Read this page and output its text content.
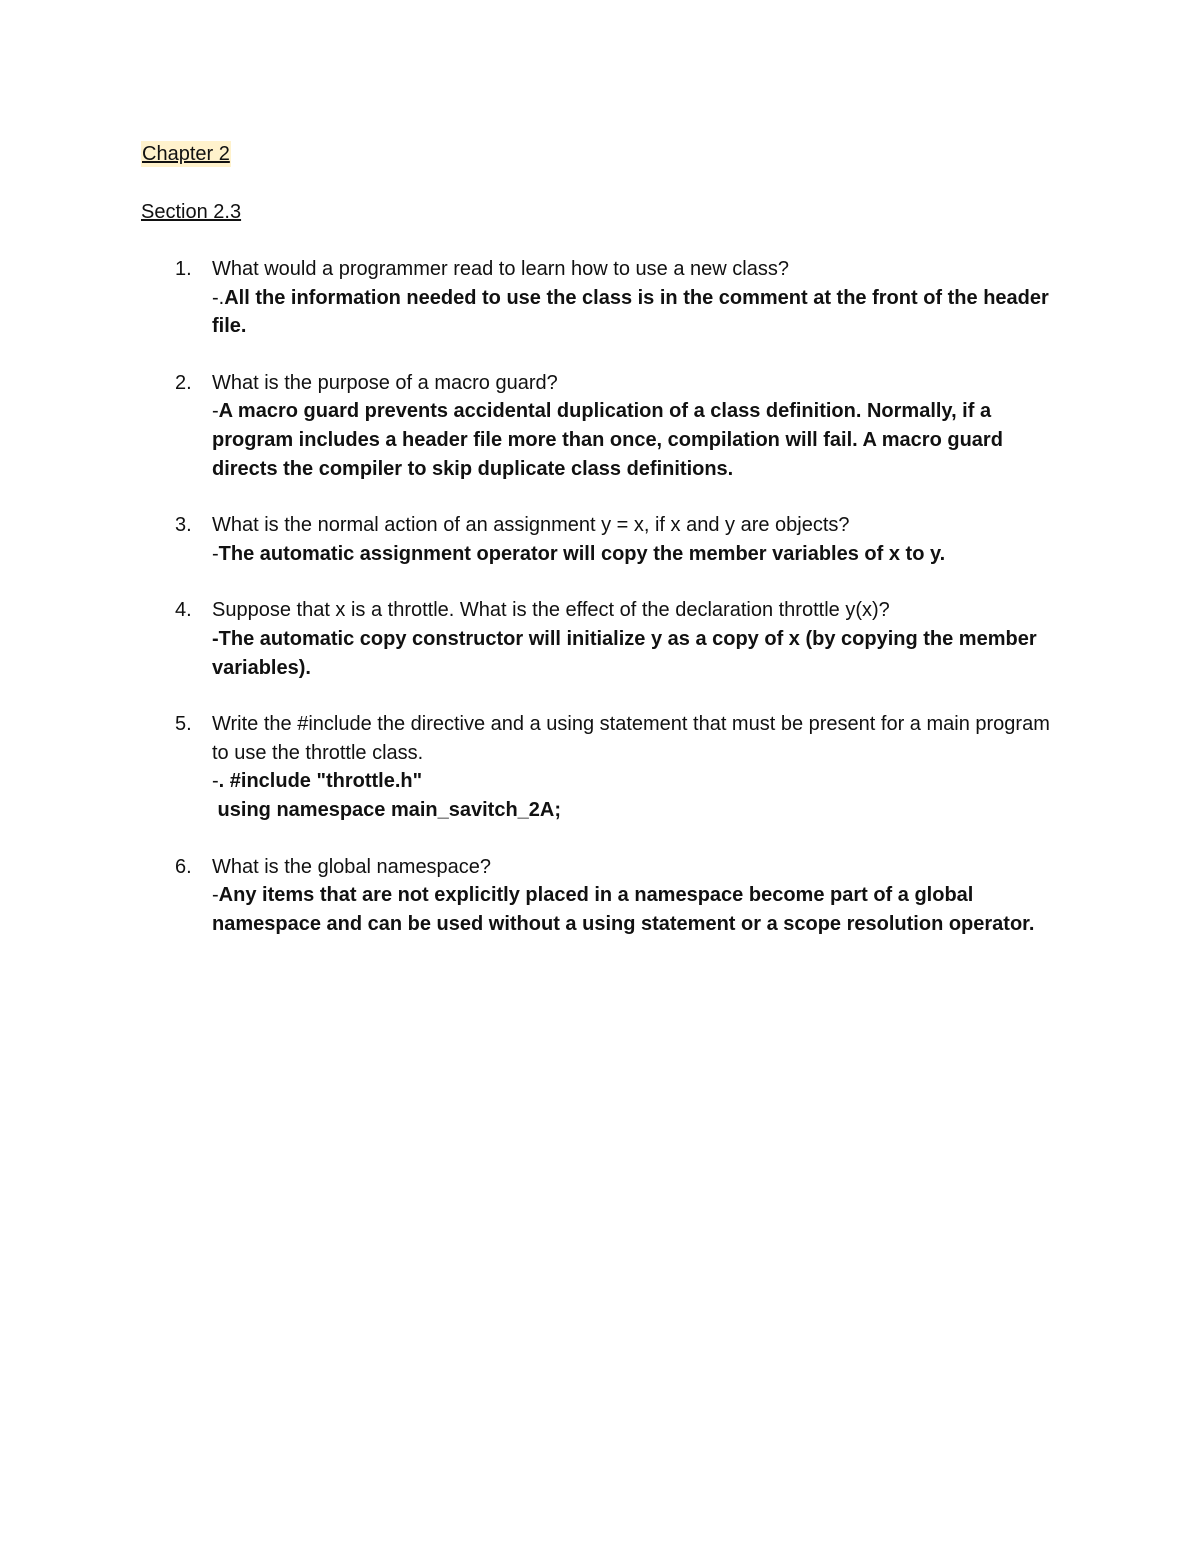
Chapter 2
Section 2.3
1. What would a programmer read to learn how to use a new class?
-.All the information needed to use the class is in the comment at the front of the header file.
2. What is the purpose of a macro guard?
-A macro guard prevents accidental duplication of a class definition. Normally, if a program includes a header file more than once, compilation will fail. A macro guard directs the compiler to skip duplicate class definitions.
3. What is the normal action of an assignment y = x, if x and y are objects?
-The automatic assignment operator will copy the member variables of x to y.
4. Suppose that x is a throttle. What is the effect of the declaration throttle y(x)?
-The automatic copy constructor will initialize y as a copy of x (by copying the member variables).
5. Write the #include the directive and a using statement that must be present for a main program to use the throttle class.
-. #include "throttle.h"
using namespace main_savitch_2A;
6. What is the global namespace?
-Any items that are not explicitly placed in a namespace become part of a global namespace and can be used without a using statement or a scope resolution operator.
